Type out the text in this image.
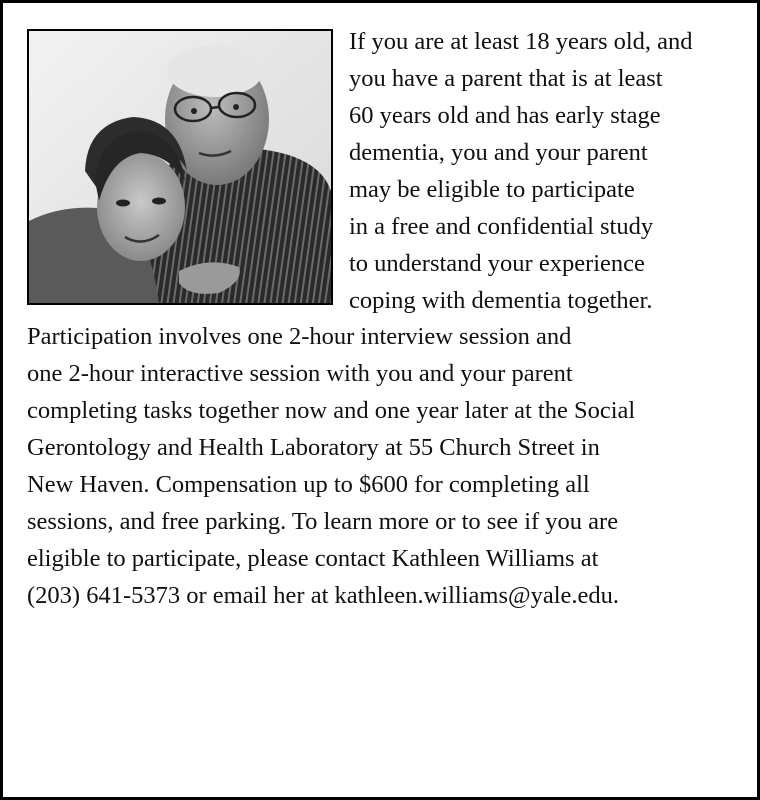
If you are at least 18 years old, and
you have a parent that is at least
60 years old and has early stage
dementia, you and your parent
may be eligible to participate
in a free and confidential study
to understand your experience
coping with dementia together.
Participation involves one 2-hour interview session and
one 2-hour interactive session with you and your parent
completing tasks together now and one year later at the Social
Gerontology and Health Laboratory at 55 Church Street in
New Haven. Compensation up to $600 for completing all
sessions, and free parking. To learn more or to see if you are
eligible to participate, please contact Kathleen Williams at
(203) 641-5373 or email her at kathleen.williams@yale.edu.
